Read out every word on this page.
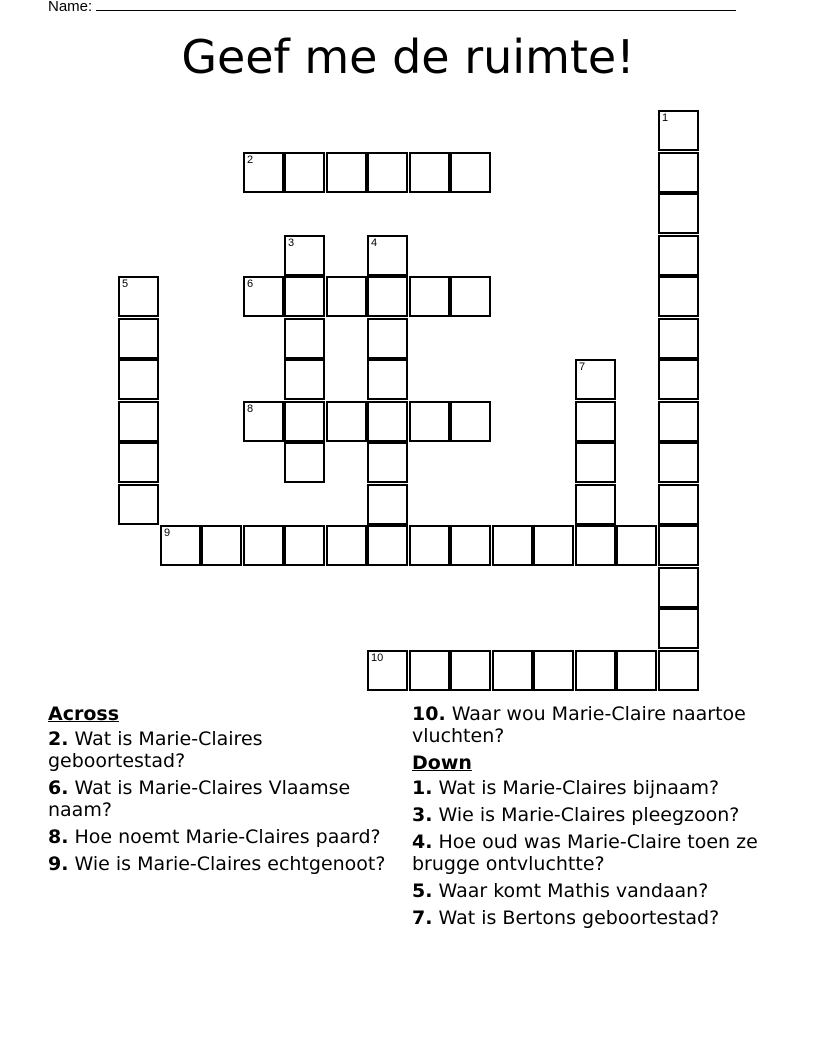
Name:
Geef me de ruimte!
1
2
3	4
5	6
7
8
9
10
Across
2. Wat is Marie-Claires geboortestad?
6. Wat is Marie-Claires Vlaamse naam?
8. Hoe noemt Marie-Claires paard?
9. Wie is Marie-Claires echtgenoot?
10. Waar wou Marie-Claire naartoe vluchten?
Down
1. Wat is Marie-Claires bijnaam?
3. Wie is Marie-Claires pleegzoon?
4. Hoe oud was Marie-Claire toen ze brugge ontvluchtte?
5. Waar komt Mathis vandaan?
7. Wat is Bertons geboortestad?
